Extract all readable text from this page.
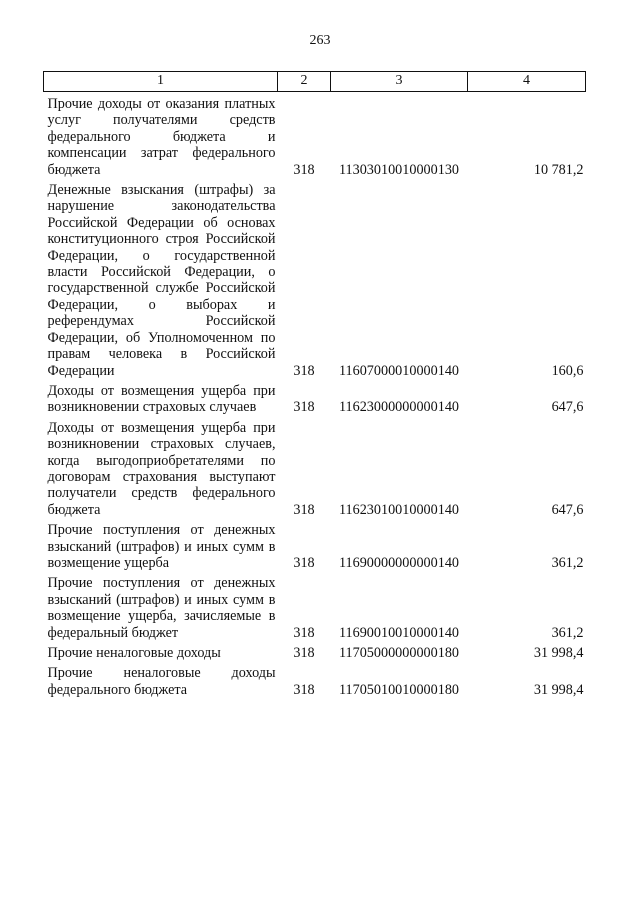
263
1	2	3	4

Прочие доходы от оказания платных услуг получателями средств федерального бюджета и компенсации затрат федерального бюджета	318	11303010010000130	10 781,2

Денежные взыскания (штрафы) за нарушение законодательства Российской Федерации об основах конституционного строя Российской Федерации, о государственной власти Российской Федерации, о государственной службе Российской Федерации, о выборах и референдумах Российской Федерации, об Уполномоченном по правам человека в Российской Федерации	318	11607000010000140	160,6

Доходы от возмещения ущерба при возникновении страховых случаев	318	11623000000000140	647,6

Доходы от возмещения ущерба при возникновении страховых случаев, когда выгодоприобретателями по договорам страхования выступают получатели средств федерального бюджета	318	11623010010000140	647,6

Прочие поступления от денежных взысканий (штрафов) и иных сумм в возмещение ущерба	318	11690000000000140	361,2

Прочие поступления от денежных взысканий (штрафов) и иных сумм в возмещение ущерба, зачисляемые в федеральный бюджет	318	11690010010000140	361,2

Прочие неналоговые доходы	318	11705000000000180	31 998,4

Прочие неналоговые доходы федерального бюджета	318	11705010010000180	31 998,4
